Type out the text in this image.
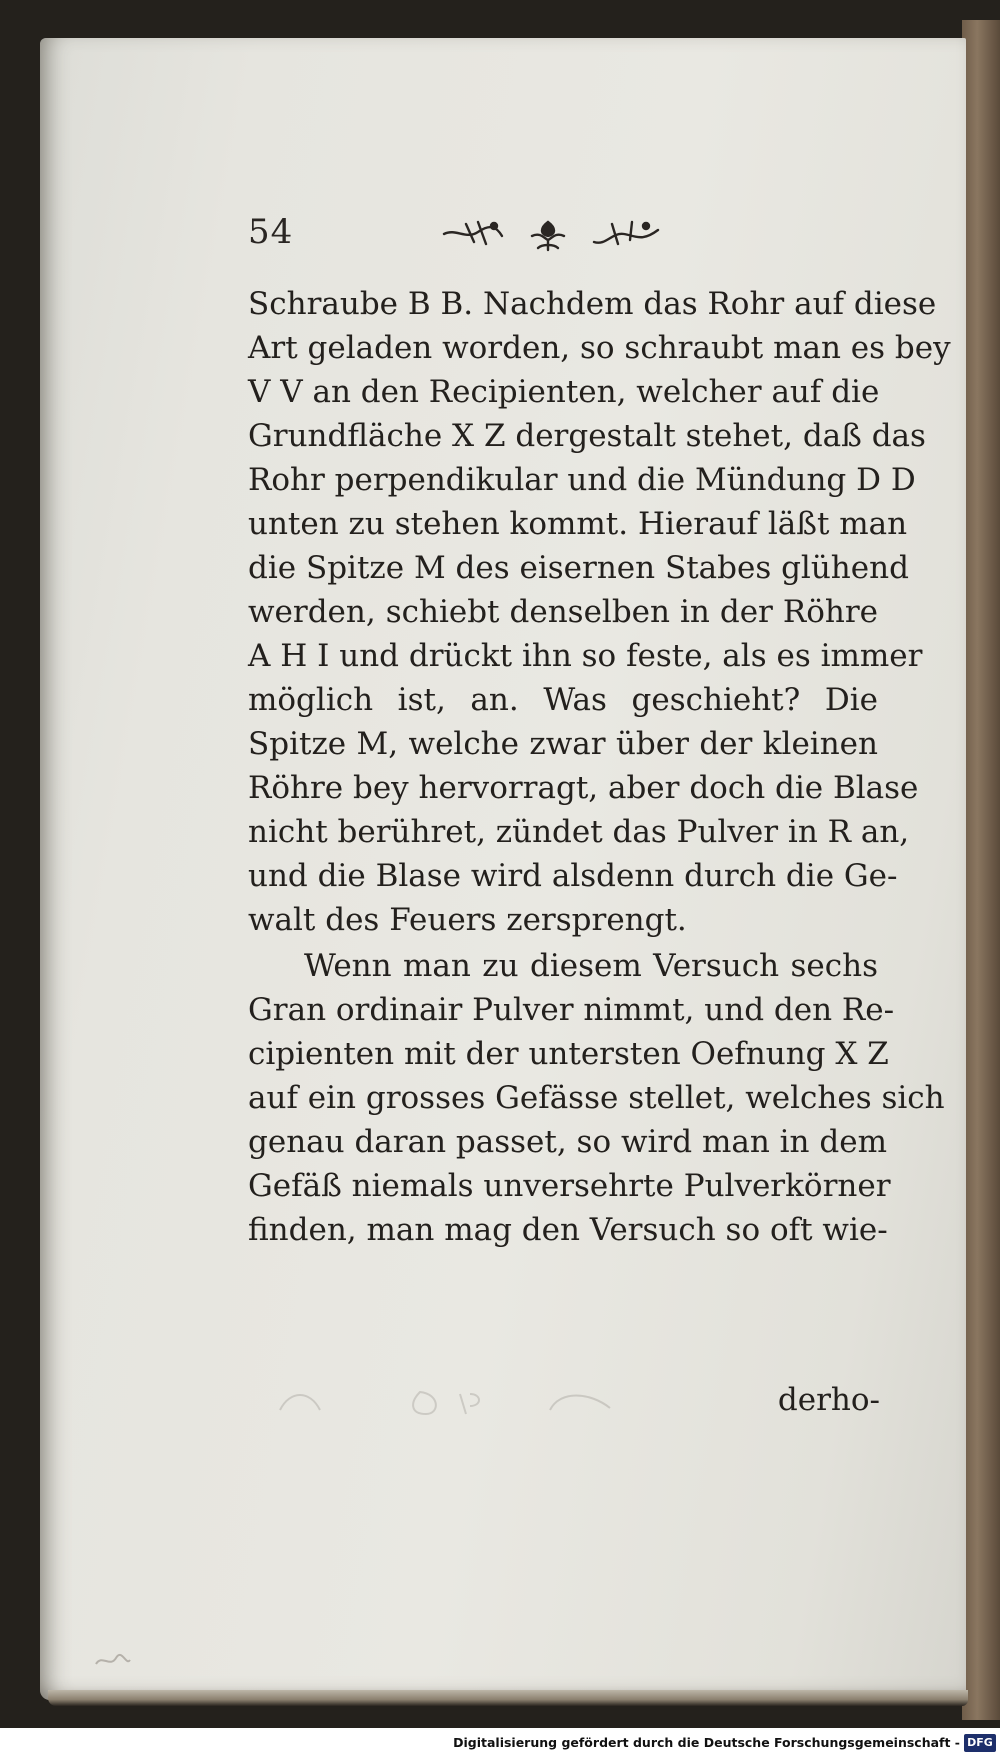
54
Schraube B B. Nachdem das Rohr auf diese
Art geladen worden, so schraubt man es bey
V V an den Recipienten, welcher auf die
Grundfläche X Z dergestalt stehet, daß das
Rohr perpendikular und die Mündung D D
unten zu stehen kommt. Hierauf läßt man
die Spitze M des eisernen Stabes glühend
werden, schiebt denselben in der Röhre
A H I und drückt ihn so feste, als es immer
möglich ist, an. Was geschieht? Die
Spitze M, welche zwar über der kleinen
Röhre bey hervorragt, aber doch die Blase
nicht berühret, zündet das Pulver in R an,
und die Blase wird alsdenn durch die Ge‐
walt des Feuers zersprengt.
Wenn man zu diesem Versuch sechs
Gran ordinair Pulver nimmt, und den Re‐
cipienten mit der untersten Oefnung X Z
auf ein grosses Gefässe stellet, welches sich
genau daran passet, so wird man in dem
Gefäß niemals unversehrte Pulverkörner
finden, man mag den Versuch so oft wie‐
derho‐
Digitalisierung gefördert durch die Deutsche Forschungsgemeinschaft - DFG
